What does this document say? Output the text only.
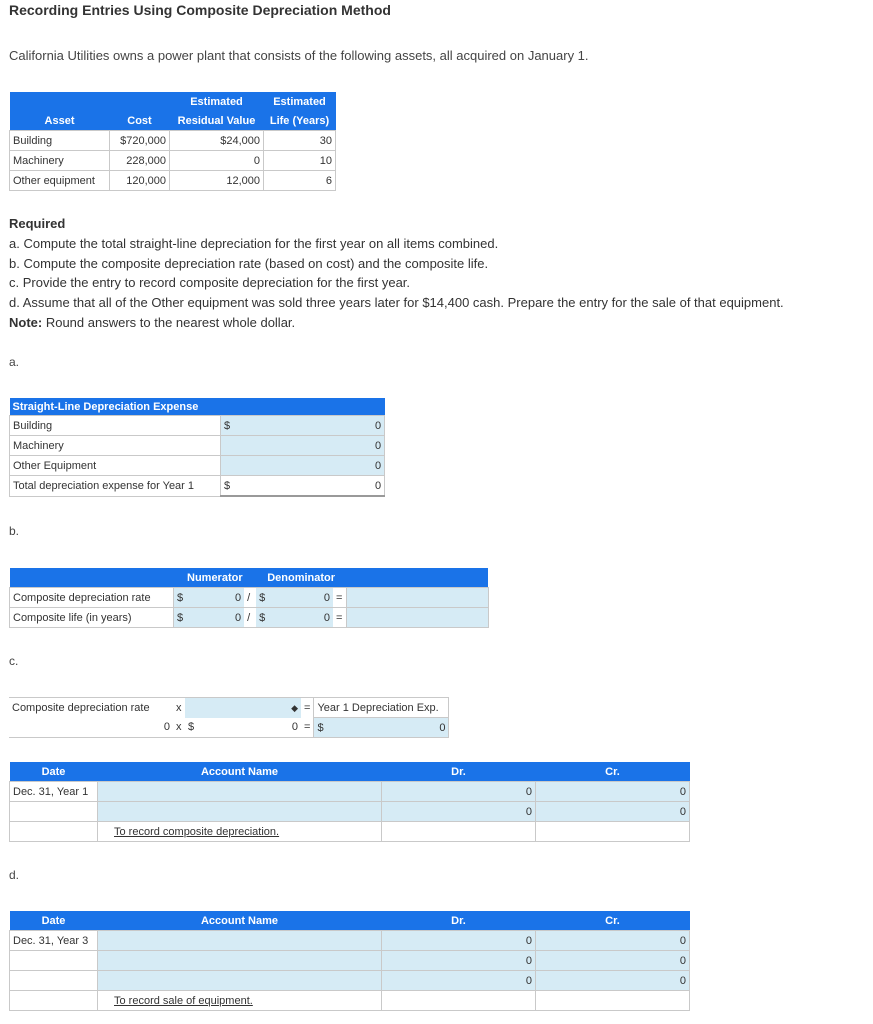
Recording Entries Using Composite Depreciation Method
California Utilities owns a power plant that consists of the following assets, all acquired on January 1.
		Estimated	Estimated
Asset	Cost	Residual Value	Life (Years)
Building	$720,000	$24,000	30
Machinery	228,000	0	10
Other equipment	120,000	12,000	6
Required
a. Compute the total straight-line depreciation for the first year on all items combined.
b. Compute the composite depreciation rate (based on cost) and the composite life.
c. Provide the entry to record composite depreciation for the first year.
d. Assume that all of the Other equipment was sold three years later for $14,400 cash. Prepare the entry for the sale of that equipment.
Note: Round answers to the nearest whole dollar.
a.
Straight-Line Depreciation Expense		
Building	$	0
Machinery		0
Other Equipment		0
Total depreciation expense for Year 1	$	0
b.
	Numerator			Denominator			
Composite depreciation rate	$	0	/	$	0	=	
Composite life (in years)	$	0	/	$	0	=	
c.
Composite depreciation rate	x	◆	=	Year 1 Depreciation Exp.
0	x	$ 0	=	$ 0
Date	Account Name	Dr.	Cr.
Dec. 31, Year 1		0	0
		0	0
	To record composite depreciation.		
d.
Date	Account Name	Dr.	Cr.
Dec. 31, Year 3		0	0
		0	0
		0	0
	To record sale of equipment.		
